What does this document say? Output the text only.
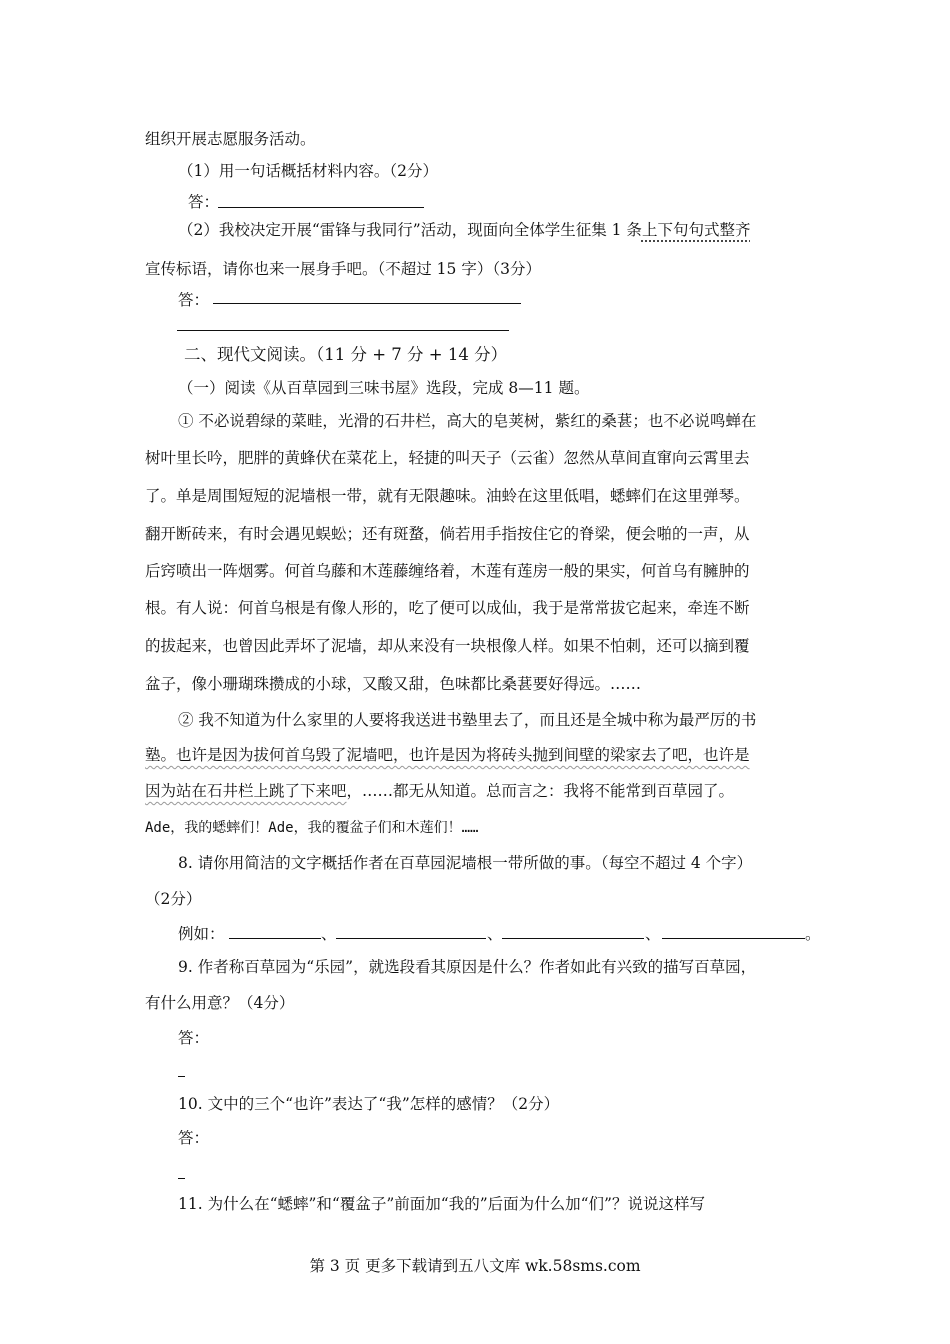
组织开展志愿服务活动。
（1）用一句话概括材料内容。（2分）
答：
（2）我校决定开展“雷锋与我同行”活动，现面向全体学生征集 1 条上下句句式整齐
宣传标语，请你也来一展身手吧。（不超过 15 字）（3分）
答：
二、现代文阅读。（11 分 + 7 分 + 14 分）
（一）阅读《从百草园到三味书屋》选段，完成 8—11 题。
① 不必说碧绿的菜畦，光滑的石井栏，高大的皂荚树，紫红的桑葚；也不必说鸣蝉在
树叶里长吟，肥胖的黄蜂伏在菜花上，轻捷的叫天子（云雀）忽然从草间直窜向云霄里去
了。单是周围短短的泥墙根一带，就有无限趣味。油蛉在这里低唱，蟋蟀们在这里弹琴。
翻开断砖来，有时会遇见蜈蚣；还有斑蝥，倘若用手指按住它的脊梁，便会啪的一声，从
后窍喷出一阵烟雾。何首乌藤和木莲藤缠络着，木莲有莲房一般的果实，何首乌有臃肿的
根。有人说：何首乌根是有像人形的，吃了便可以成仙，我于是常常拔它起来，牵连不断
的拔起来，也曾因此弄坏了泥墙，却从来没有一块根像人样。如果不怕刺，还可以摘到覆
盆子，像小珊瑚珠攒成的小球，又酸又甜，色味都比桑葚要好得远。……
② 我不知道为什么家里的人要将我送进书塾里去了，而且还是全城中称为最严厉的书
塾。也许是因为拔何首乌毁了泥墙吧，也许是因为将砖头抛到间壁的梁家去了吧，也许是
因为站在石井栏上跳了下来吧，……都无从知道。总而言之：我将不能常到百草园了。
Ade，我的蟋蟀们！Ade，我的覆盆子们和木莲们！……
8. 请你用简洁的文字概括作者在百草园泥墙根一带所做的事。（每空不超过 4 个字）
（2分）
例如：	、	、	、	。
9. 作者称百草园为“乐园”，就选段看其原因是什么？作者如此有兴致的描写百草园，
有什么用意？（4分）
答：
10. 文中的三个“也许”表达了“我”怎样的感情？（2分）
答：
11. 为什么在“蟋蟀”和“覆盆子”前面加“我的”后面为什么加“们”？说说这样写
第 3 页 更多下载请到五八文库 wk.58sms.com
